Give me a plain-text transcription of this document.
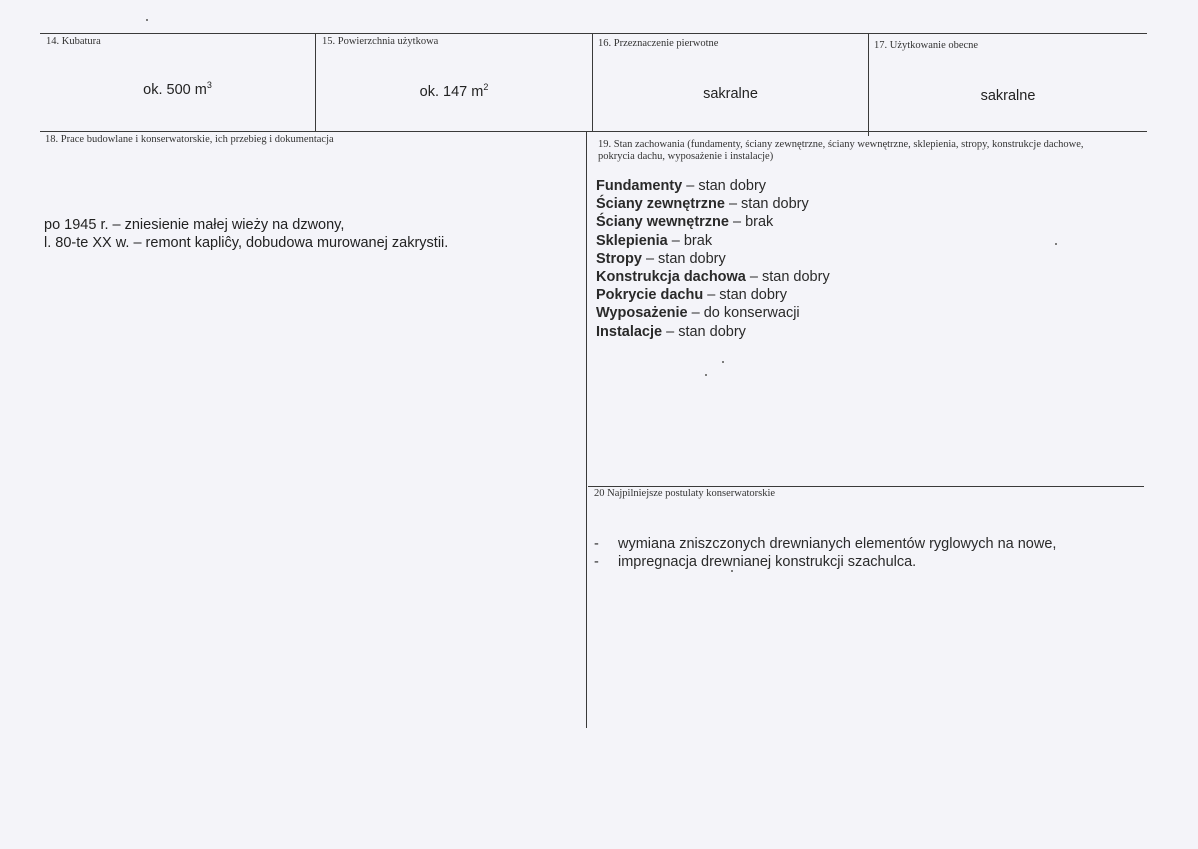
14. Kubatura
ok. 500 $m^3$
15. Powierzchnia użytkowa
ok. 147 $m^2$
16. Przeznaczenie pierwotne
sakralne
17. Użytkowanie obecne
sakralne
18. Prace budowlane i konserwatorskie, ich przebieg i dokumentacja
po 1945 r. – zniesienie małej wieży na dzwony,
l. 80-te XX w. – remont kapliĉy, dobudowa murowanej zakrystii.
19. Stan zachowania (fundamenty, ściany zewnętrzne, ściany wewnętrzne, sklepienia, stropy, konstrukcje dachowe, pokrycia dachu, wyposażenie i instalacje)
Fundamenty – stan dobry
Ściany zewnętrzne – stan dobry
Ściany wewnętrzne – brak
Sklepienia – brak
Stropy – stan dobry
Konstrukcja dachowa – stan dobry
Pokrycie dachu – stan dobry
Wyposażenie – do konserwacji
Instalacje – stan dobry
20 Najpilniejsze postulaty konserwatorskie
-	wymiana zniszczonych drewnianych elementów ryglowych na nowe,
-	impregnacja drewnianej konstrukcji szachulca.
